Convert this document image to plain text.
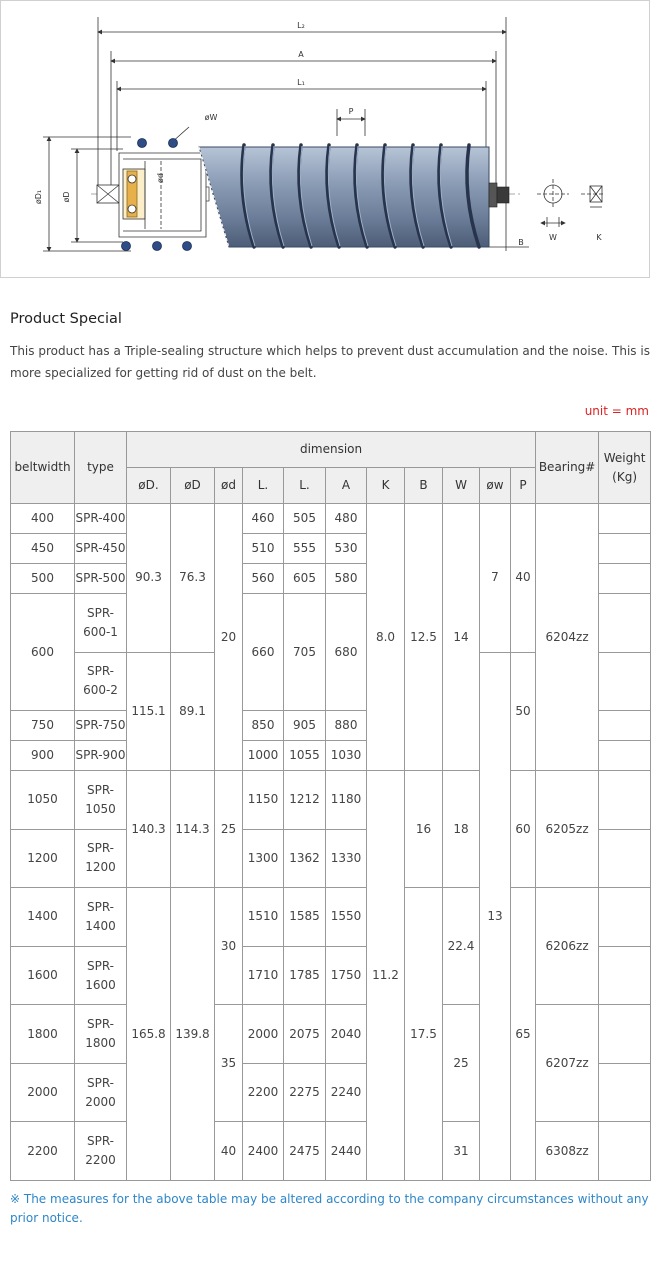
L₂
A
L₁
P
øW
øD₁ øD
ød
B
W	K
Product Special
This product has a Triple-sealing structure which helps to prevent dust accumulation and the noise. This is more specialized for getting rid of dust on the belt.
unit = mm
beltwidth	type	dimension											Bearing#	Weight (Kg)
		øD.	øD	ød	L.	L.	A	K	B	W	øw	P		
400	SPR-400	90.3	76.3	20	460	505	480	8.0	12.5	14	7	40	6204zz	
450	SPR-450				510	555	530							
500	SPR-500				560	605	580							
600	SPR-600-1				660	705	680							
	SPR-600-2	115.1	89.1								13	50		
750	SPR-750				850	905	880							
900	SPR-900				1000	1055	1030							
1050	SPR-1050	140.3	114.3	25	1150	1212	1180	11.2	16	18		60	6205zz	
1200	SPR-1200				1300	1362	1330							
1400	SPR-1400	165.8	139.8	30	1510	1585	1550		17.5	22.4		65	6206zz	
1600	SPR-1600				1710	1785	1750							
1800	SPR-1800			35	2000	2075	2040			25			6207zz	
2000	SPR-2000				2200	2275	2240							
2200	SPR-2200			40	2400	2475	2440			31			6308zz	
※ The measures for the above table may be altered according to the company circumstances without any prior notice.
